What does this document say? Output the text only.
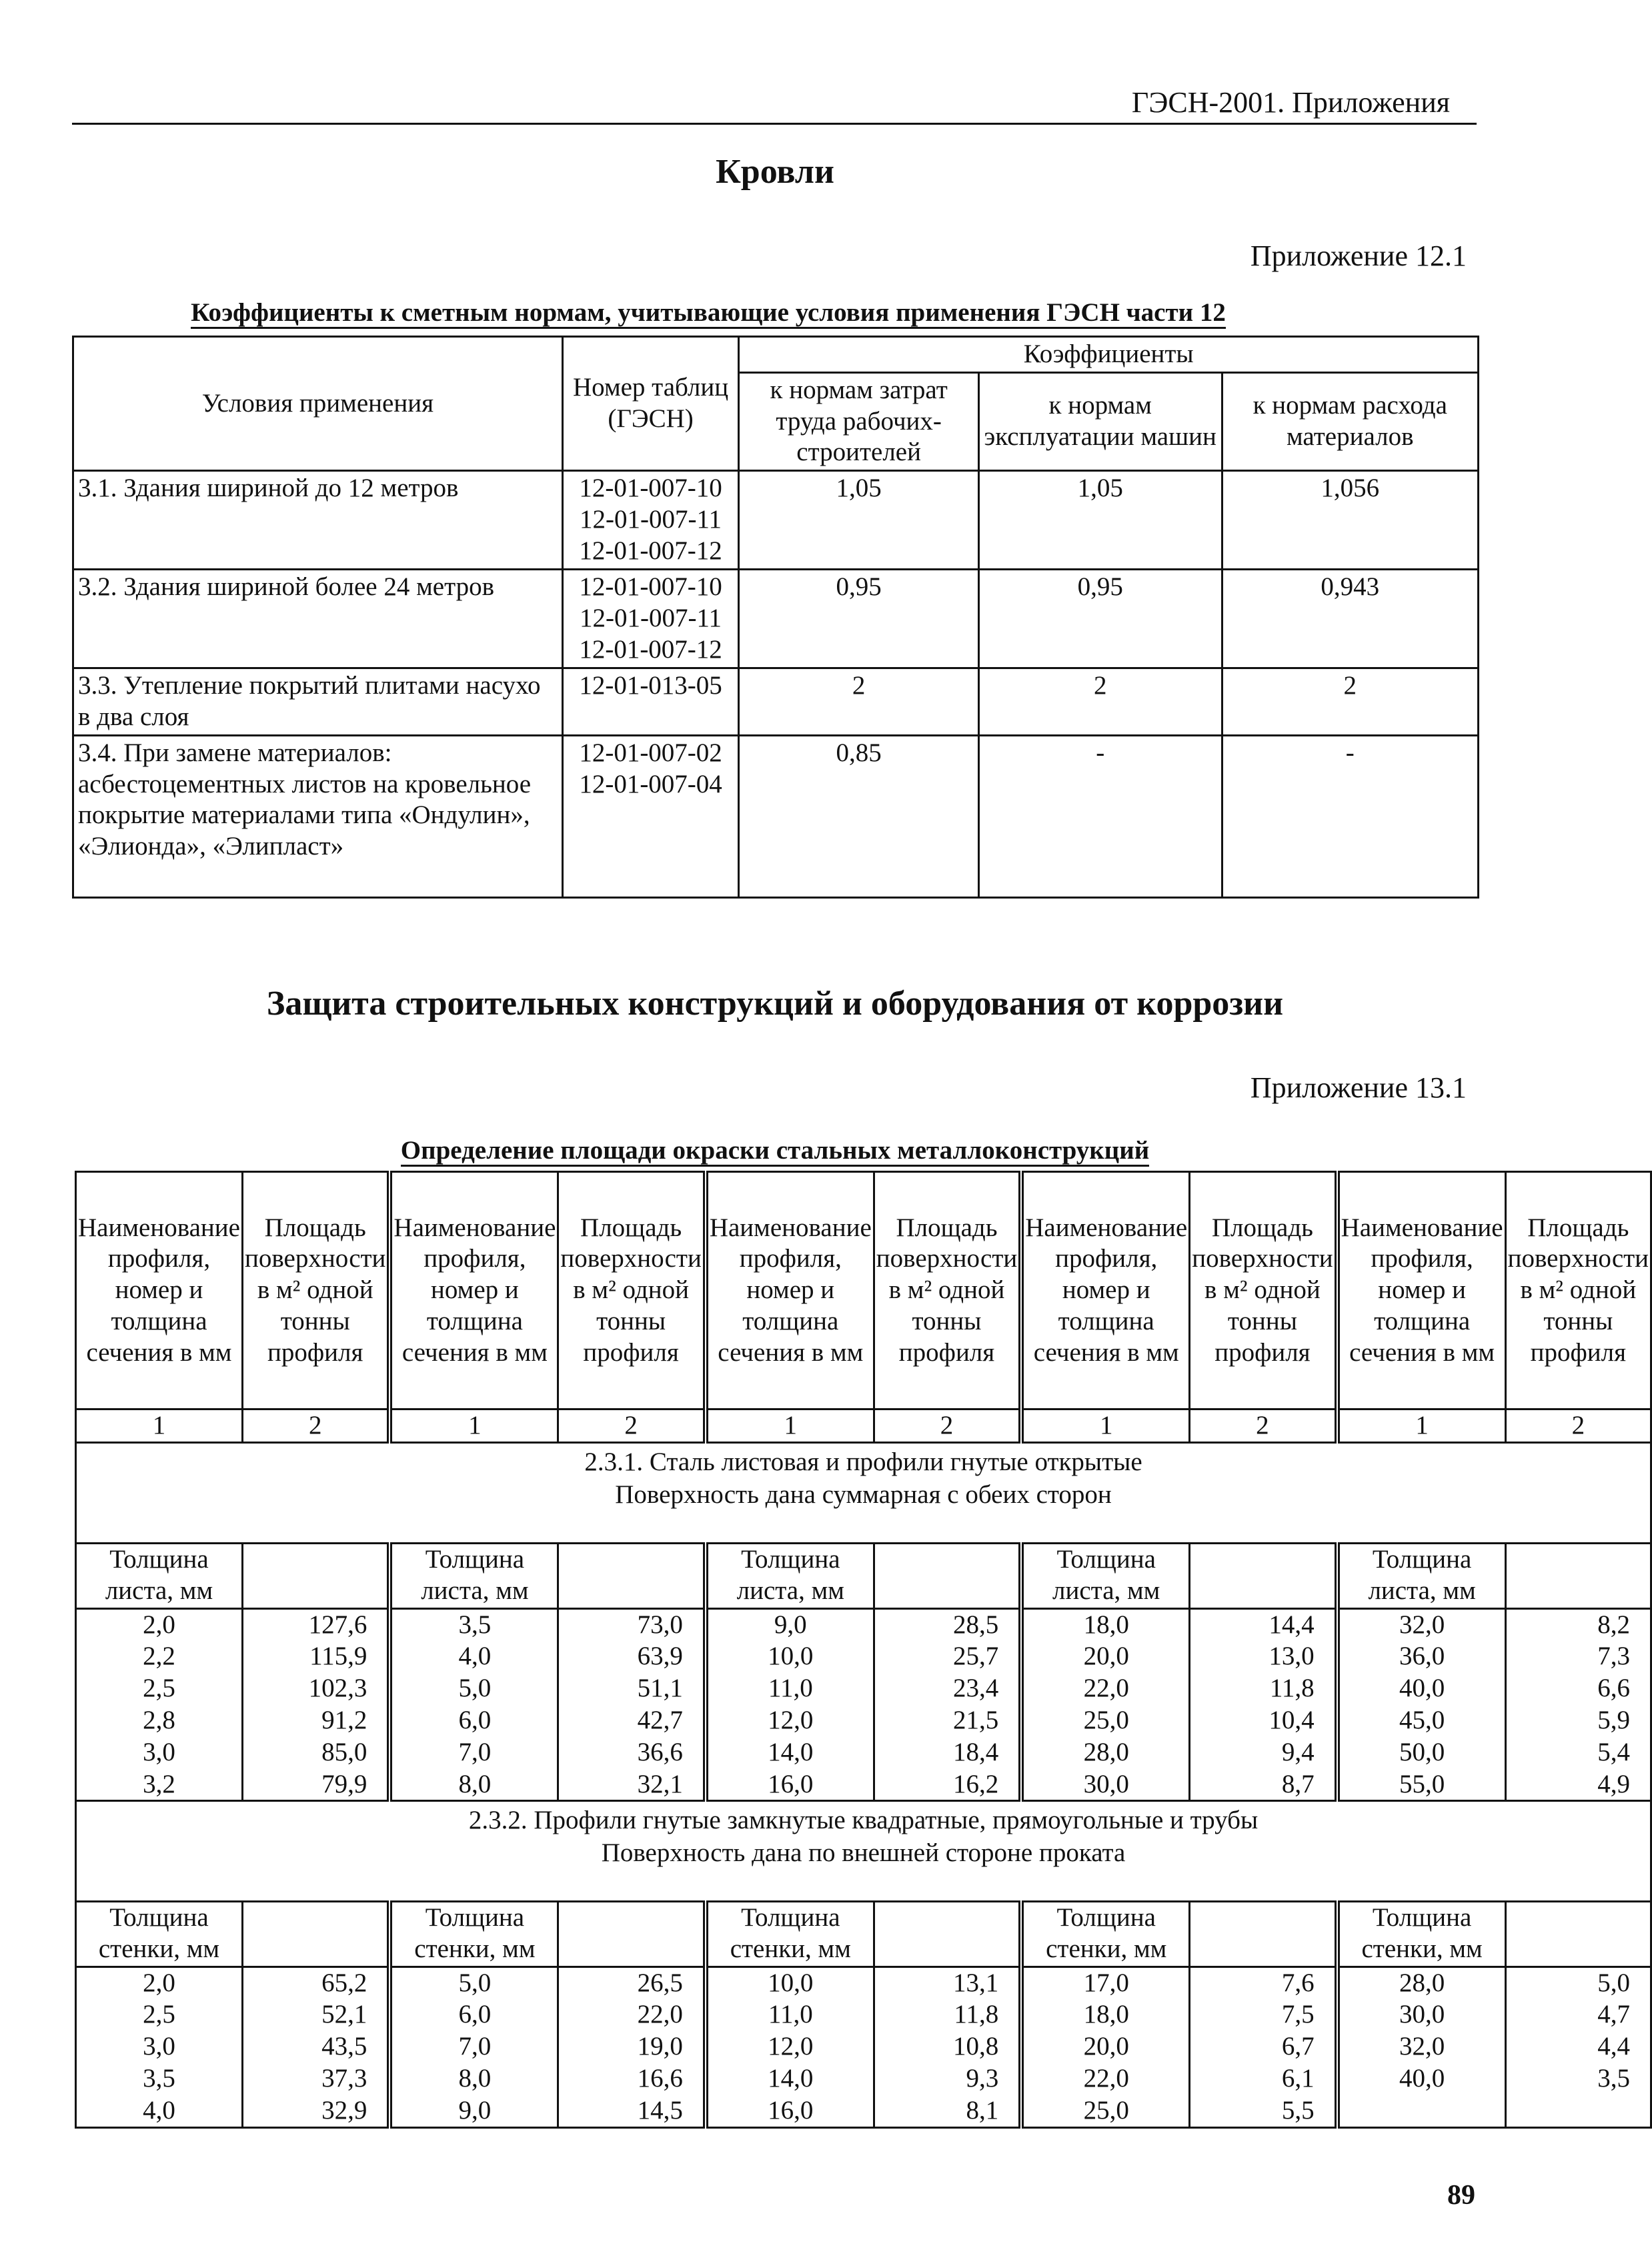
ГЭСН-2001. Приложения
Кровли
Приложение 12.1
Коэффициенты к сметным нормам, учитывающие условия применения ГЭСН части 12
Условия применения	Номер таблиц (ГЭСН)	Коэффициенты		
		к нормам затрат труда рабочих-строителей	к нормам эксплуатации машин	к нормам расхода материалов
3.1. Здания шириной до 12 метров	12-01-007-10
12-01-007-11
12-01-007-12	1,05	1,05	1,056
3.2. Здания шириной более 24 метров	12-01-007-10
12-01-007-11
12-01-007-12	0,95	0,95	0,943
3.3. Утепление покрытий плитами насухо в два слоя	12-01-013-05	2	2	2
3.4. При замене материалов: асбестоцементных листов на кровельное покрытие материалами типа «Ондулин», «Элионда», «Элипласт»	12-01-007-02
12-01-007-04	0,85	-	-
Защита строительных конструкций и оборудования от коррозии
Приложение 13.1
Определение площади окраски стальных металлоконструкций
Наименование профиля, номер и толщина сечения в мм	Площадь поверхности в м² одной тонны профиля	Наименование профиля, номер и толщина сечения в мм	Площадь поверхности в м² одной тонны профиля	Наименование профиля, номер и толщина сечения в мм	Площадь поверхности в м² одной тонны профиля	Наименование профиля, номер и толщина сечения в мм	Площадь поверхности в м² одной тонны профиля	Наименование профиля, номер и толщина сечения в мм	Площадь поверхности в м² одной тонны профиля
1	2	1	2	1	2	1	2	1	2

2.3.1. Сталь листовая и профили гнутые открытые
Поверхность дана суммарная с обеих сторон									

Толщина листа, мм		Толщина листа, мм		Толщина листа, мм		Толщина листа, мм		Толщина листа, мм	
2,0	127,6	3,5	73,0	9,0	28,5	18,0	14,4	32,0	8,2
2,2	115,9	4,0	63,9	10,0	25,7	20,0	13,0	36,0	7,3
2,5	102,3	5,0	51,1	11,0	23,4	22,0	11,8	40,0	6,6
2,8	91,2	6,0	42,7	12,0	21,5	25,0	10,4	45,0	5,9
3,0	85,0	7,0	36,6	14,0	18,4	28,0	9,4	50,0	5,4
3,2	79,9	8,0	32,1	16,0	16,2	30,0	8,7	55,0	4,9

2.3.2. Профили гнутые замкнутые квадратные, прямоугольные и трубы
Поверхность дана по внешней стороне проката									

Толщина стенки, мм		Толщина стенки, мм		Толщина стенки, мм		Толщина стенки, мм		Толщина стенки, мм	
2,0	65,2	5,0	26,5	10,0	13,1	17,0	7,6	28,0	5,0
2,5	52,1	6,0	22,0	11,0	11,8	18,0	7,5	30,0	4,7
3,0	43,5	7,0	19,0	12,0	10,8	20,0	6,7	32,0	4,4
3,5	37,3	8,0	16,6	14,0	9,3	22,0	6,1	40,0	3,5
4,0	32,9	9,0	14,5	16,0	8,1	25,0	5,5		
89
